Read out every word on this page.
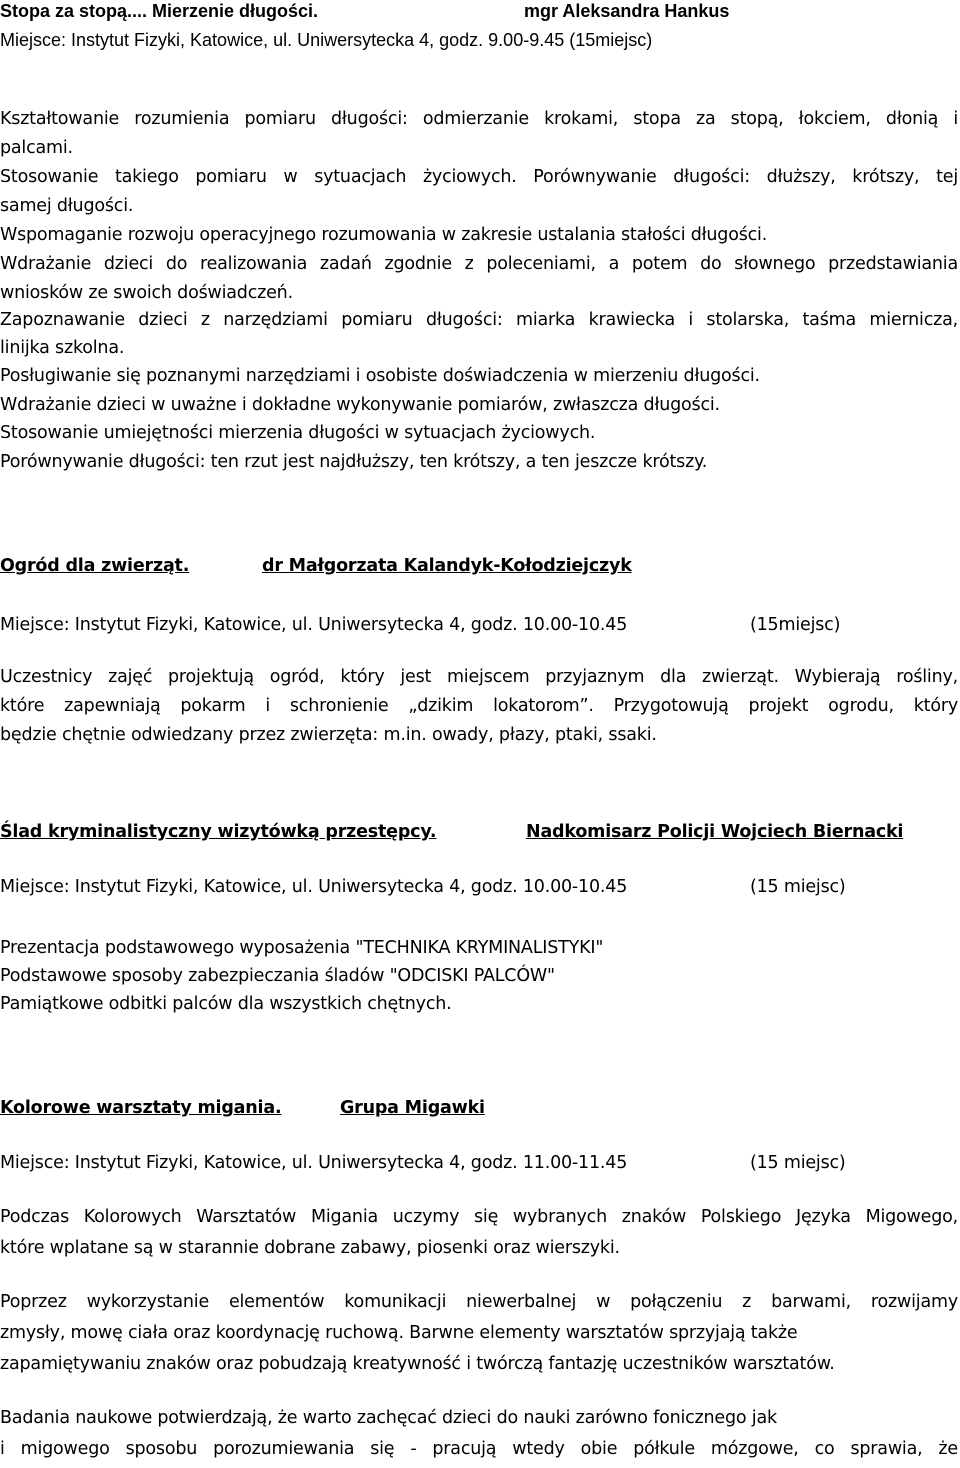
Stopa za stopą.... Mierzenie długości.	mgr Aleksandra Hankus
Miejsce: Instytut Fizyki, Katowice, ul. Uniwersytecka 4, godz. 9.00-9.45 (15miejsc)
Kształtowanie rozumienia pomiaru długości: odmierzanie krokami, stopa za stopą, łokciem, dłonią i
palcami.
Stosowanie takiego pomiaru w sytuacjach życiowych. Porównywanie długości: dłuższy, krótszy, tej
samej długości.
Wspomaganie rozwoju operacyjnego rozumowania w zakresie ustalania stałości długości.
Wdrażanie dzieci do realizowania zadań zgodnie z poleceniami, a potem do słownego przedstawiania
wniosków ze swoich doświadczeń.
Zapoznawanie dzieci z narzędziami pomiaru długości: miarka krawiecka i stolarska, taśma miernicza,
linijka szkolna.
Posługiwanie się poznanymi narzędziami i osobiste doświadczenia w mierzeniu długości.
Wdrażanie dzieci w uważne i dokładne wykonywanie pomiarów, zwłaszcza długości.
Stosowanie umiejętności mierzenia długości w sytuacjach życiowych.
Porównywanie długości: ten rzut jest najdłuższy, ten krótszy, a ten jeszcze krótszy.
Ogród dla zwierząt.	dr Małgorzata Kalandyk-Kołodziejczyk
Miejsce: Instytut Fizyki, Katowice, ul. Uniwersytecka 4, godz. 10.00-10.45	(15miejsc)
Uczestnicy zajęć projektują ogród, który jest miejscem przyjaznym dla zwierząt. Wybierają rośliny,
które zapewniają pokarm i schronienie „dzikim lokatorom”. Przygotowują projekt ogrodu, który
będzie chętnie odwiedzany przez zwierzęta: m.in. owady, płazy, ptaki, ssaki.
Ślad kryminalistyczny wizytówką przestępcy.	Nadkomisarz Policji Wojciech Biernacki
Miejsce: Instytut Fizyki, Katowice, ul. Uniwersytecka 4, godz. 10.00-10.45	(15 miejsc)
Prezentacja podstawowego wyposażenia "TECHNIKA KRYMINALISTYKI"
Podstawowe sposoby zabezpieczania śladów "ODCISKI PALCÓW"
Pamiątkowe odbitki palców dla wszystkich chętnych.
Kolorowe warsztaty migania.	Grupa Migawki
Miejsce: Instytut Fizyki, Katowice, ul. Uniwersytecka 4, godz. 11.00-11.45	(15 miejsc)
Podczas Kolorowych Warsztatów Migania uczymy się wybranych znaków Polskiego Języka Migowego,
które wplatane są w starannie dobrane zabawy, piosenki oraz wierszyki.
Poprzez wykorzystanie elementów komunikacji niewerbalnej w połączeniu z barwami, rozwijamy
zmysły, mowę ciała oraz koordynację ruchową. Barwne elementy warsztatów sprzyjają także
zapamiętywaniu znaków oraz pobudzają kreatywność i twórczą fantazję uczestników warsztatów.
Badania naukowe potwierdzają, że warto zachęcać dzieci do nauki zarówno fonicznego jak
i migowego sposobu porozumiewania się - pracują wtedy obie półkule mózgowe, co sprawia, że
